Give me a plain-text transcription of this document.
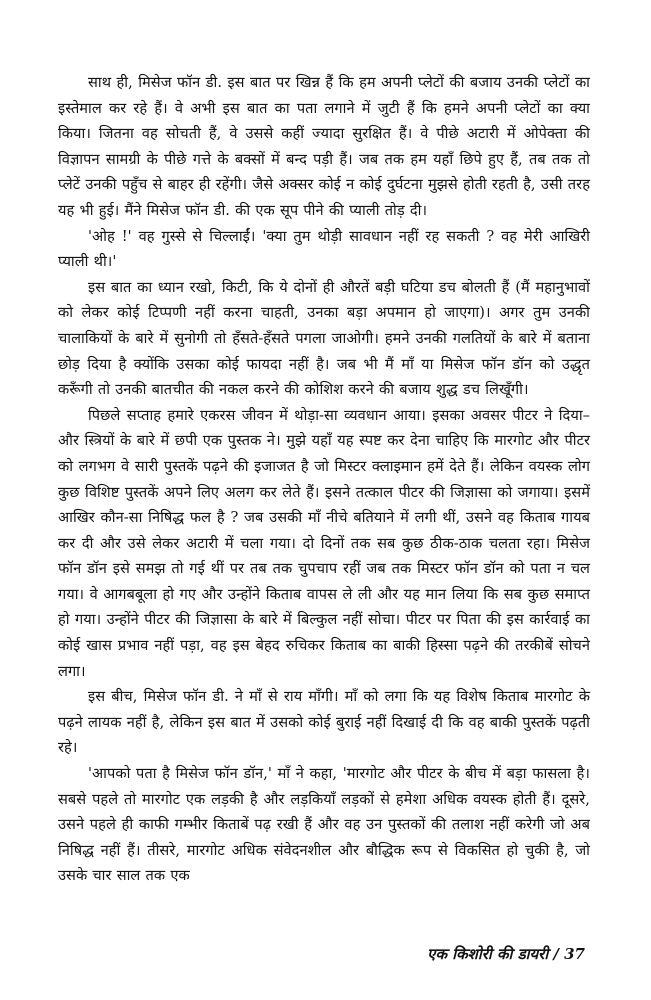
साथ ही, मिसेज फॉन डी. इस बात पर खिन्न हैं कि हम अपनी प्लेटों की बजाय उनकी प्लेटों का इस्तेमाल कर रहे हैं। वे अभी इस बात का पता लगाने में जुटी हैं कि हमने अपनी प्लेटों का क्या किया। जितना वह सोचती हैं, वे उससे कहीं ज्यादा सुरक्षित हैं। वे पीछे अटारी में ओपेक्ता की विज्ञापन सामग्री के पीछे गत्ते के बक्सों में बन्द पड़ी हैं। जब तक हम यहाँ छिपे हुए हैं, तब तक तो प्लेटें उनकी पहुँच से बाहर ही रहेंगी। जैसे अक्सर कोई न कोई दुर्घटना मुझसे होती रहती है, उसी तरह यह भी हुई। मैंने मिसेज फॉन डी. की एक सूप पीने की प्याली तोड़ दी।

'ओह !' वह गुस्से से चिल्लाईं। 'क्या तुम थोड़ी सावधान नहीं रह सकती ? वह मेरी आखिरी प्याली थी।'

इस बात का ध्यान रखो, किटी, कि ये दोनों ही औरतें बड़ी घटिया डच बोलती हैं (मैं महानुभावों को लेकर कोई टिप्पणी नहीं करना चाहती, उनका बड़ा अपमान हो जाएगा)। अगर तुम उनकी चालाकियों के बारे में सुनोगी तो हँसते-हँसते पगला जाओगी। हमने उनकी गलतियों के बारे में बताना छोड़ दिया है क्योंकि उसका कोई फायदा नहीं है। जब भी मैं माँ या मिसेज फॉन डॉन को उद्धृत करूँगी तो उनकी बातचीत की नकल करने की कोशिश करने की बजाय शुद्ध डच लिखूँगी।

पिछले सप्ताह हमारे एकरस जीवन में थोड़ा-सा व्यवधान आया। इसका अवसर पीटर ने दिया–और स्त्रियों के बारे में छपी एक पुस्तक ने। मुझे यहाँ यह स्पष्ट कर देना चाहिए कि मारगोट और पीटर को लगभग वे सारी पुस्तकें पढ़ने की इजाजत है जो मिस्टर क्लाइमान हमें देते हैं। लेकिन वयस्क लोग कुछ विशिष्ट पुस्तकें अपने लिए अलग कर लेते हैं। इसने तत्काल पीटर की जिज्ञासा को जगाया। इसमें आखिर कौन-सा निषिद्ध फल है ? जब उसकी माँ नीचे बतियाने में लगी थीं, उसने वह किताब गायब कर दी और उसे लेकर अटारी में चला गया। दो दिनों तक सब कुछ ठीक-ठाक चलता रहा। मिसेज फॉन डॉन इसे समझ तो गई थीं पर तब तक चुपचाप रहीं जब तक मिस्टर फॉन डॉन को पता न चल गया। वे आगबबूला हो गए और उन्होंने किताब वापस ले ली और यह मान लिया कि सब कुछ समाप्त हो गया। उन्होंने पीटर की जिज्ञासा के बारे में बिल्कुल नहीं सोचा। पीटर पर पिता की इस कार्रवाई का कोई खास प्रभाव नहीं पड़ा, वह इस बेहद रुचिकर किताब का बाकी हिस्सा पढ़ने की तरकीबें सोचने लगा।

इस बीच, मिसेज फॉन डी. ने माँ से राय माँगी। माँ को लगा कि यह विशेष किताब मारगोट के पढ़ने लायक नहीं है, लेकिन इस बात में उसको कोई बुराई नहीं दिखाई दी कि वह बाकी पुस्तकें पढ़ती रहे।

'आपको पता है मिसेज फॉन डॉन,' माँ ने कहा, 'मारगोट और पीटर के बीच में बड़ा फासला है। सबसे पहले तो मारगोट एक लड़की है और लड़कियाँ लड़कों से हमेशा अधिक वयस्क होती हैं। दूसरे, उसने पहले ही काफी गम्भीर किताबें पढ़ रखी हैं और वह उन पुस्तकों की तलाश नहीं करेगी जो अब निषिद्ध नहीं हैं। तीसरे, मारगोट अधिक संवेदनशील और बौद्धिक रूप से विकसित हो चुकी है, जो उसके चार साल तक एक

एक किशोरी की डायरी / 37
